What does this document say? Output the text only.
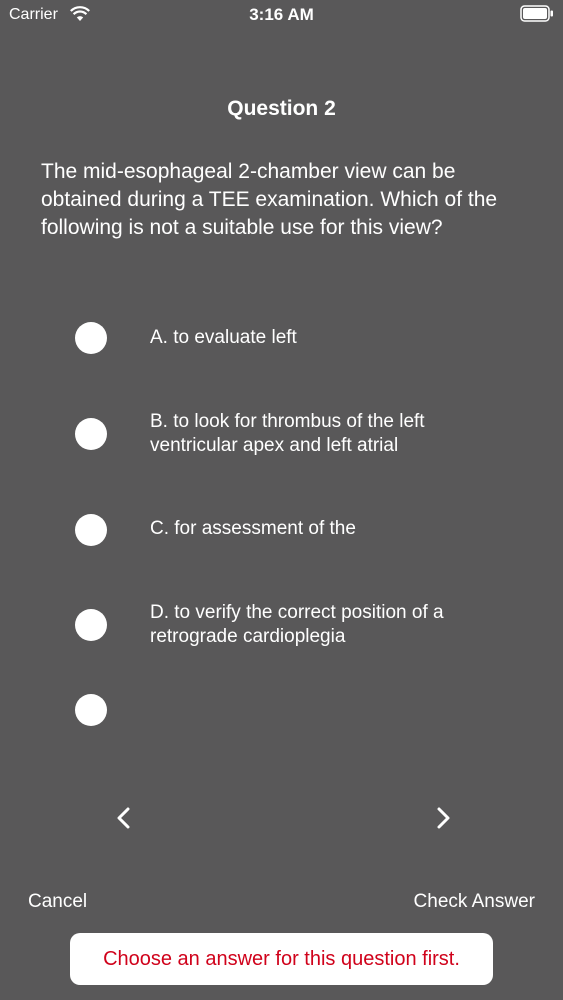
Carrier	3:16 AM
Question 2
The mid-esophageal 2-chamber view can be obtained during a TEE examination. Which of the following is not a suitable use for this view?
A. to evaluate left
B. to look for thrombus of the left ventricular apex and left atrial
C. for assessment of the
D. to verify the correct position of a retrograde cardioplegia
Cancel	Check Answer
Choose an answer for this question first.
